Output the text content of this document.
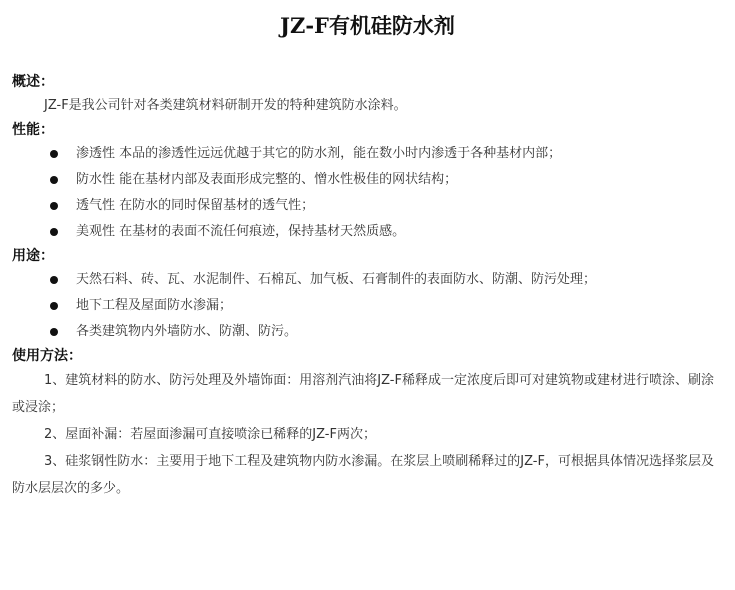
JZ-F有机硅防水剂

概述：

JZ-F是我公司针对各类建筑材料研制开发的特种建筑防水涂料。

性能：

渗透性 本品的渗透性远远优越于其它的防水剂，能在数小时内渗透于各种基材内部；
防水性 能在基材内部及表面形成完整的、憎水性极佳的网状结构；
透气性 在防水的同时保留基材的透气性；
美观性 在基材的表面不流任何痕迹，保持基材天然质感。

用途：

天然石料、砖、瓦、水泥制件、石棉瓦、加气板、石膏制件的表面防水、防潮、防污处理；
地下工程及屋面防水渗漏；
各类建筑物内外墙防水、防潮、防污。

使用方法：

1、建筑材料的防水、防污处理及外墙饰面：用溶剂汽油将JZ-F稀释成一定浓度后即可对建筑物或建材进行喷涂、刷涂或浸涂；

2、屋面补漏：若屋面渗漏可直接喷涂已稀释的JZ-F两次；

3、硅浆钢性防水：主要用于地下工程及建筑物内防水渗漏。在浆层上喷刷稀释过的JZ-F，可根据具体情况选择浆层及防水层层次的多少。
